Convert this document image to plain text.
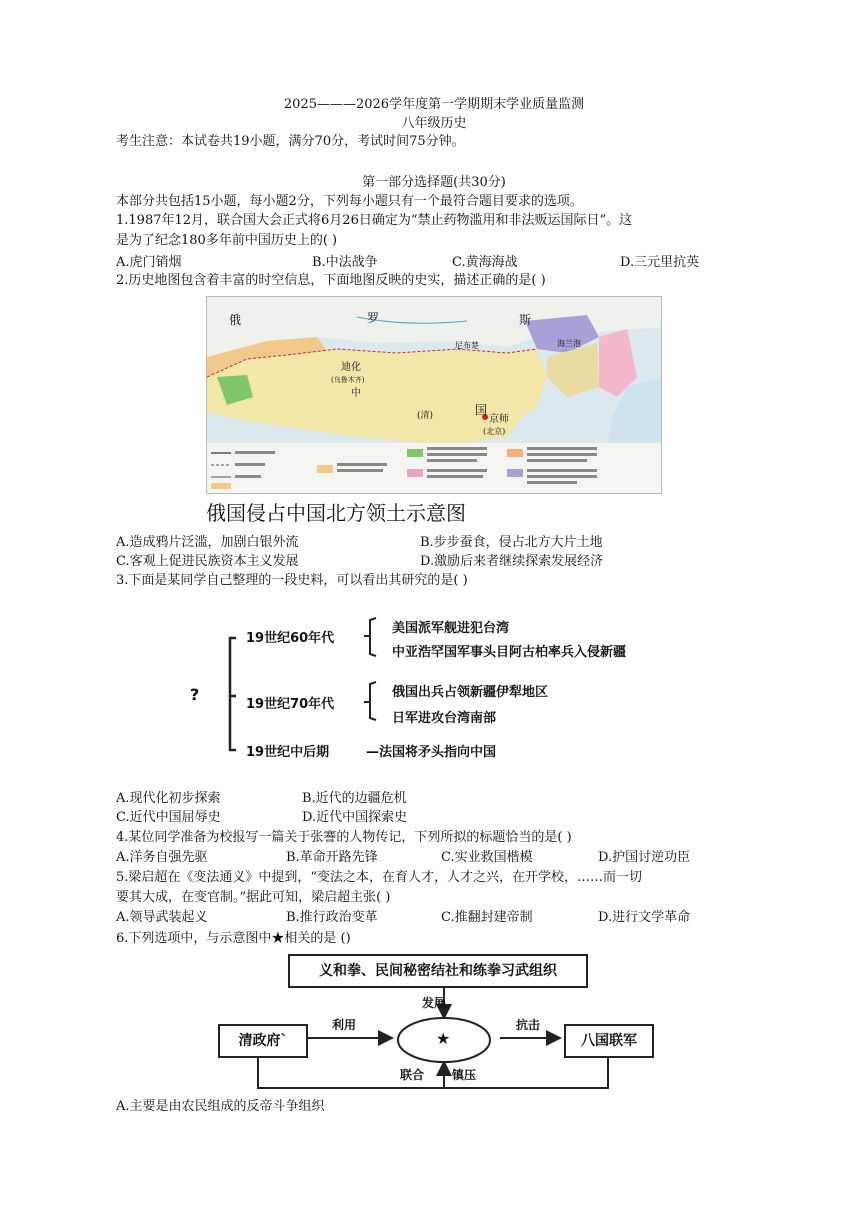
2025———2026学年度第一学期期末学业质量监测
八年级历史
考生注意：本试卷共19小题，满分70分，考试时间75分钟。
第一部分选择题(共30分)
本部分共包括15小题，每小题2分，下列每小题只有一个最符合题目要求的选项。
1.1987年12月，联合国大会正式将6月26日确定为“禁止药物滥用和非法贩运国际日”。这
是为了纪念180多年前中国历史上的( )
A.虎门销烟	B.中法战争	C.黄海海战	D.三元里抗英
2.历史地图包含着丰富的时空信息，下面地图反映的史实，描述正确的是( )
俄	罗	斯
尼布楚	海兰泡
迪化
(乌鲁木齐)
中
(清)	国
京师
(北京)
俄国侵占中国北方领土示意图
A.造成鸦片泛滥，加剧白银外流	B.步步蚕食，侵占北方大片土地
C.客观上促进民族资本主义发展	D.激励后来者继续探索发展经济
3.下面是某同学自己整理的一段史料，可以看出其研究的是( )
?
19世纪60年代
美国派军舰进犯台湾
中亚浩罕国军事头目阿古柏率兵入侵新疆
19世纪70年代
俄国出兵占领新疆伊犁地区
日军进攻台湾南部
19世纪中后期	—法国将矛头指向中国
A.现代化初步探索	B.近代的边疆危机
C.近代中国屈辱史	D.近代中国探索史
4.某位同学准备为校报写一篇关于张謇的人物传记，下列所拟的标题恰当的是( )
A.洋务自强先驱	B.革命开路先锋	C.实业救国楷模	D.护国讨逆功臣
5.梁启超在《变法通义》中提到，“变法之本，在育人才，人才之兴，在开学校，……而一切
要其大成，在变官制。”据此可知，梁启超主张( )
A.领导武装起义	B.推行政治变革	C.推翻封建帝制	D.进行文学革命
6.下列选项中，与示意图中★相关的是 ()
义和拳、民间秘密结社和练拳习武组织
发展
清政府`
利用
★
抗击
八国联军
联合 镇压
A.主要是由农民组成的反帝斗争组织
